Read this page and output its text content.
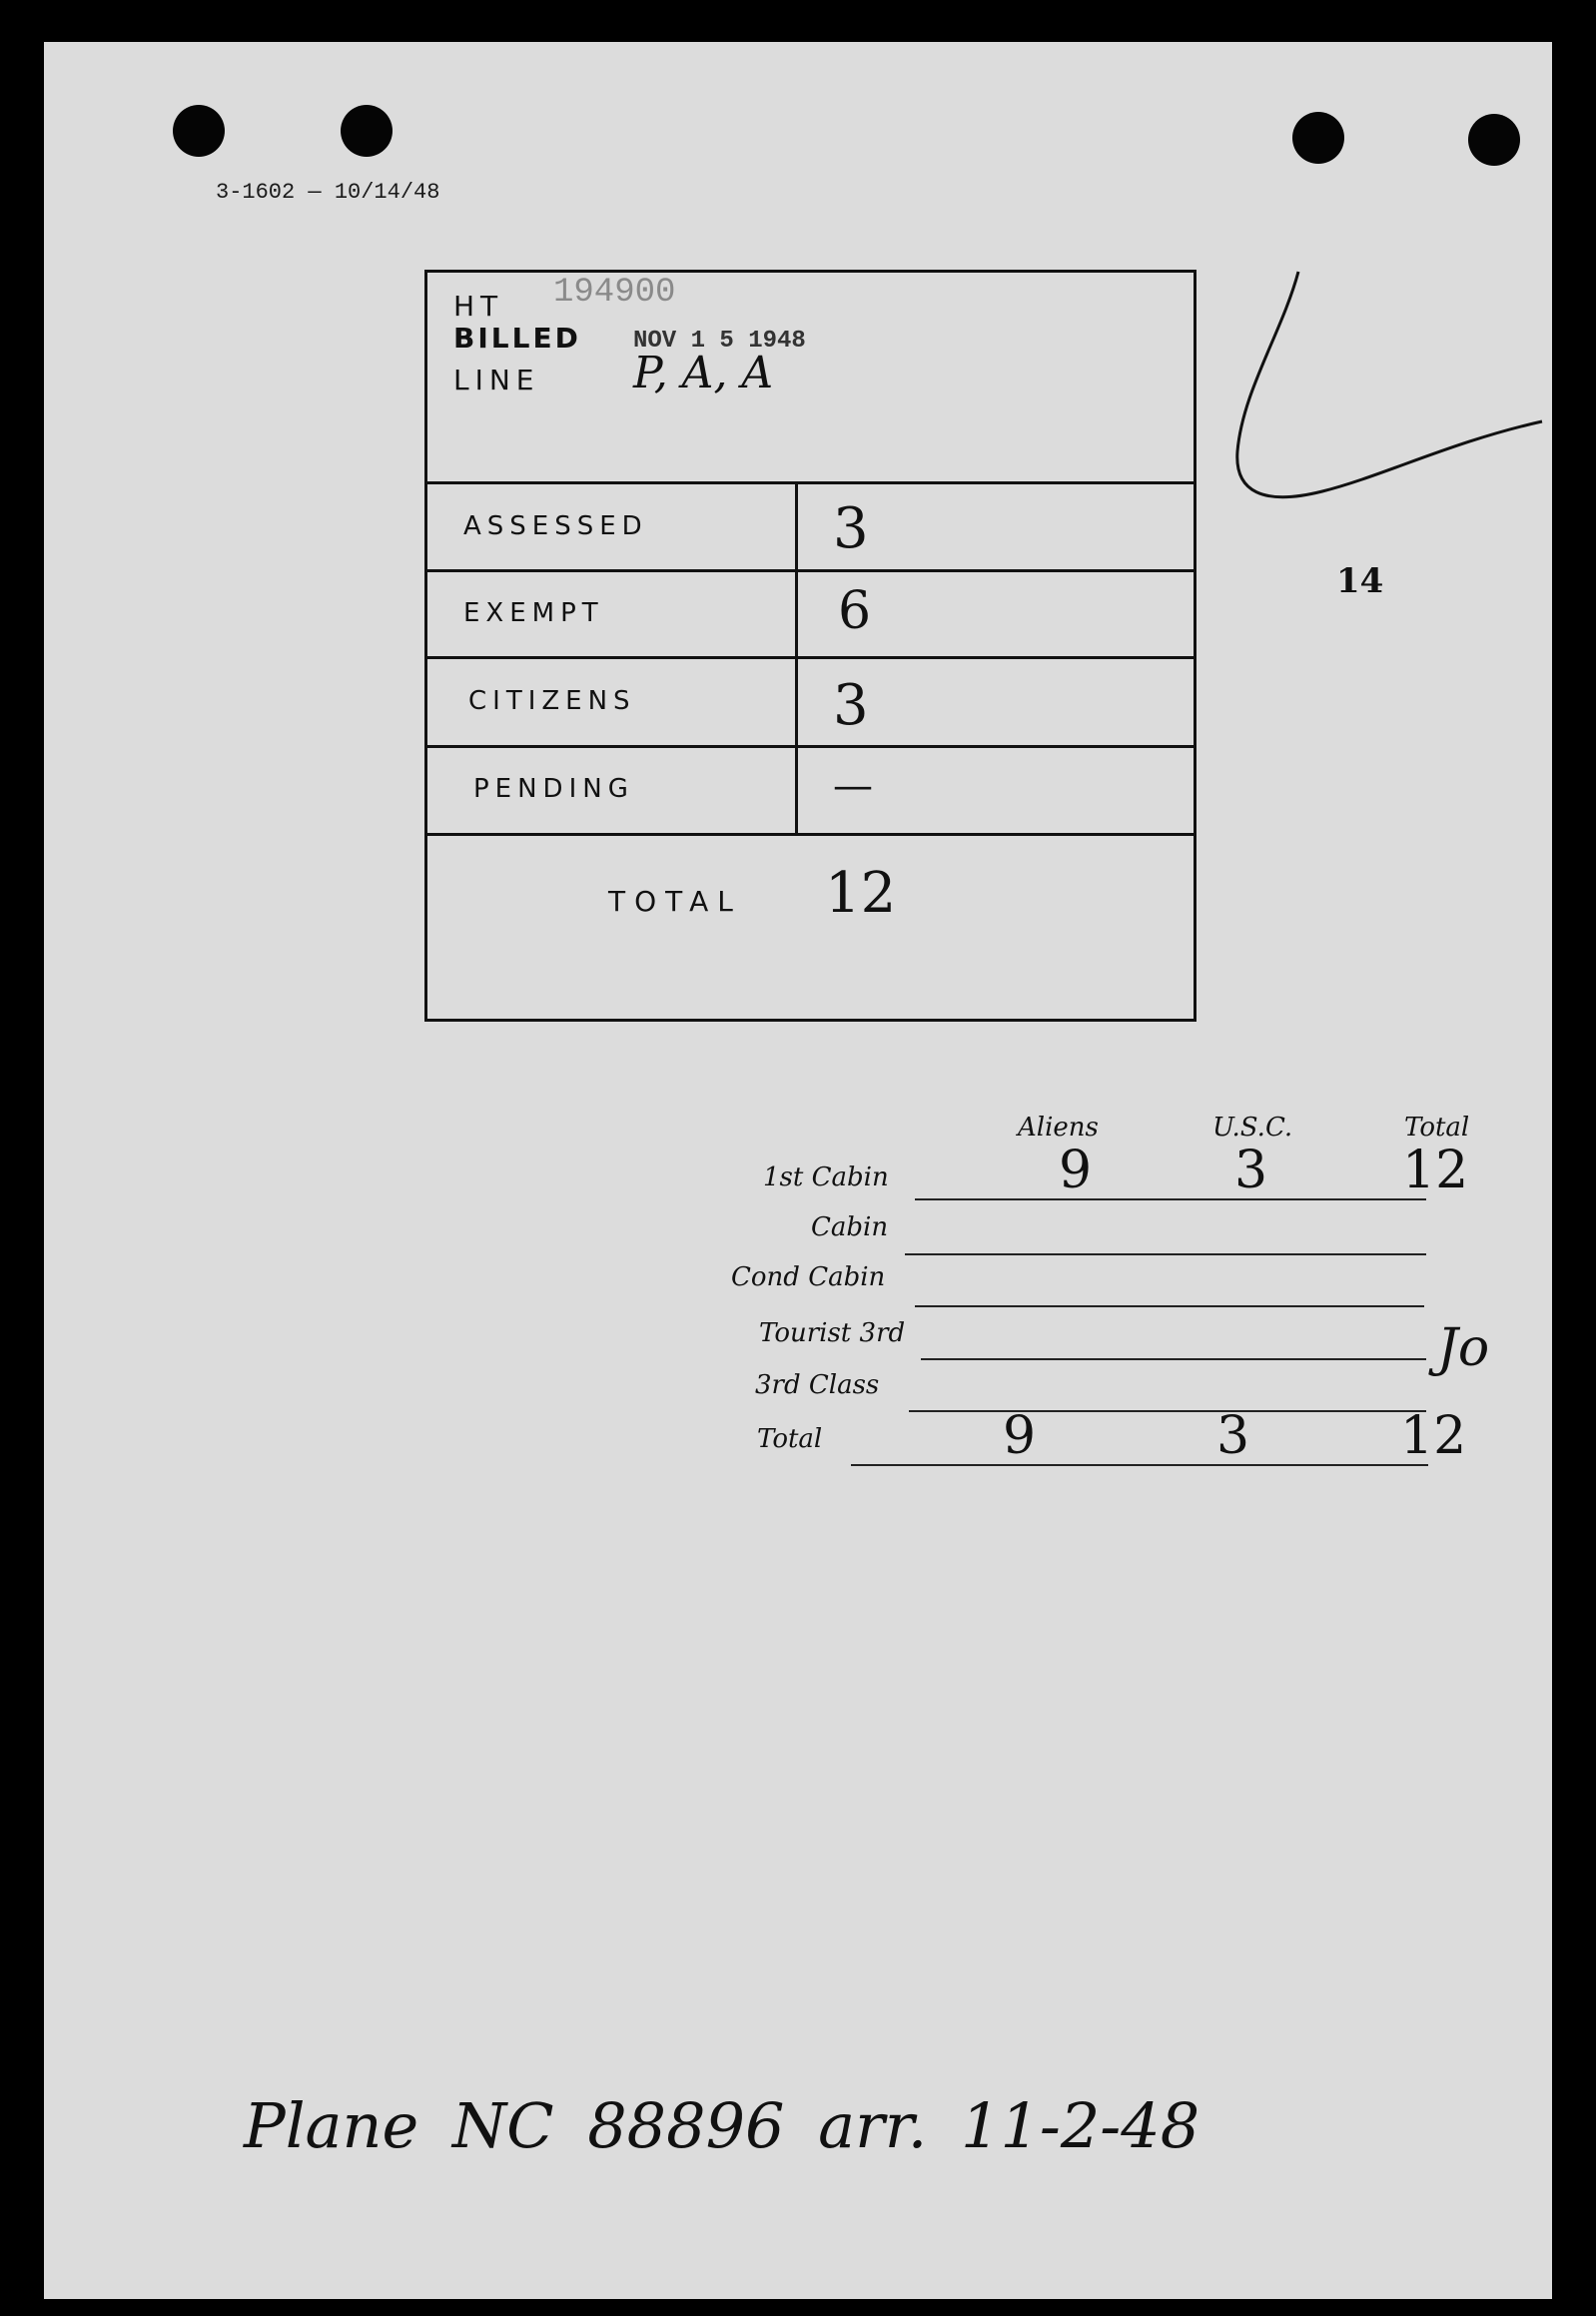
3-1602 — 10/14/48
14
HT 194900
BILLED NOV 1 5 1948
LINE P, A, A
ASSESSED	3
EXEMPT	6
CITIZENS	3
PENDING	—
TOTAL 12
Aliens	U.S.C.	Total
1st Cabin	9	3	12
Cabin
Cond Cabin
Tourist 3rd
3rd Class
Total	9	3	12
Jo
Plane NC 88896 arr. 11-2-48
